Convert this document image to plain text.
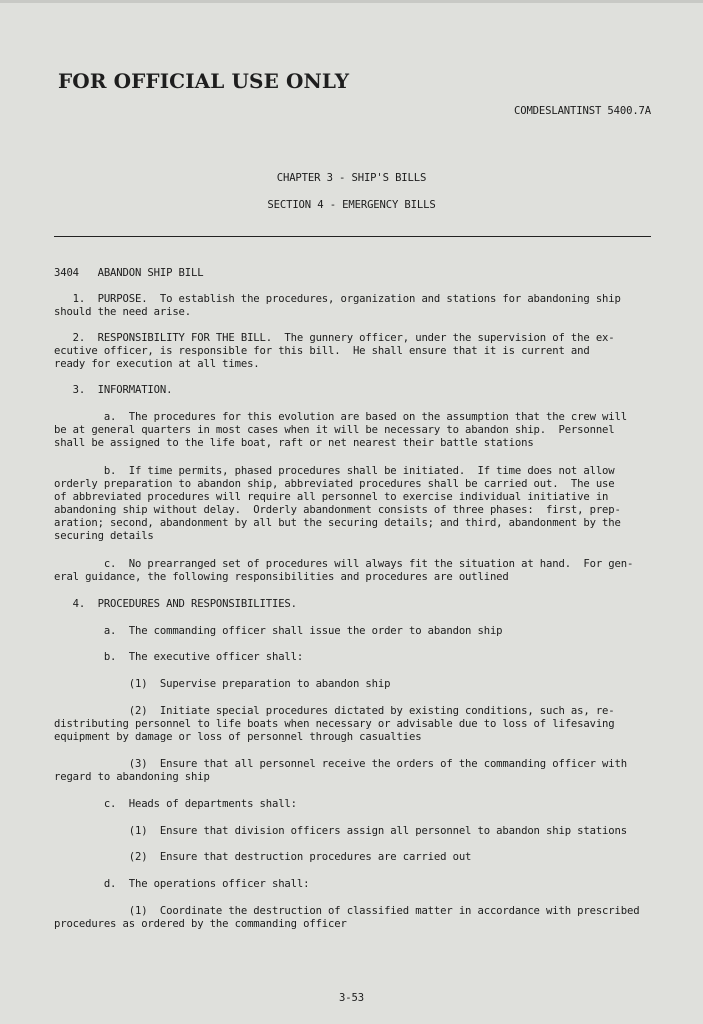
FOR OFFICIAL USE ONLY
COMDESLANTINST 5400.7A
CHAPTER 3 - SHIP'S BILLS
SECTION 4 - EMERGENCY BILLS

3404   ABANDON SHIP BILL

1.  PURPOSE.  To establish the procedures, organization and stations for abandoning ship
should the need arise.

2.  RESPONSIBILITY FOR THE BILL.  The gunnery officer, under the supervision of the ex-
ecutive officer, is responsible for this bill.  He shall ensure that it is current and
ready for execution at all times.

3.  INFORMATION.

a.  The procedures for this evolution are based on the assumption that the crew will
be at general quarters in most cases when it will be necessary to abandon ship.  Personnel
shall be assigned to the life boat, raft or net nearest their battle stations

b.  If time permits, phased procedures shall be initiated.  If time does not allow
orderly preparation to abandon ship, abbreviated procedures shall be carried out.  The use
of abbreviated procedures will require all personnel to exercise individual initiative in
abandoning ship without delay.  Orderly abandonment consists of three phases:  first, prep-
aration; second, abandonment by all but the securing details; and third, abandonment by the
securing details

c.  No prearranged set of procedures will always fit the situation at hand.  For gen-
eral guidance, the following responsibilities and procedures are outlined

4.  PROCEDURES AND RESPONSIBILITIES.

a.  The commanding officer shall issue the order to abandon ship

b.  The executive officer shall:

(1)  Supervise preparation to abandon ship

(2)  Initiate special procedures dictated by existing conditions, such as, re-
distributing personnel to life boats when necessary or advisable due to loss of lifesaving
equipment by damage or loss of personnel through casualties

(3)  Ensure that all personnel receive the orders of the commanding officer with
regard to abandoning ship

c.  Heads of departments shall:

(1)  Ensure that division officers assign all personnel to abandon ship stations

(2)  Ensure that destruction procedures are carried out

d.  The operations officer shall:

(1)  Coordinate the destruction of classified matter in accordance with prescribed
procedures as ordered by the commanding officer

3-53
